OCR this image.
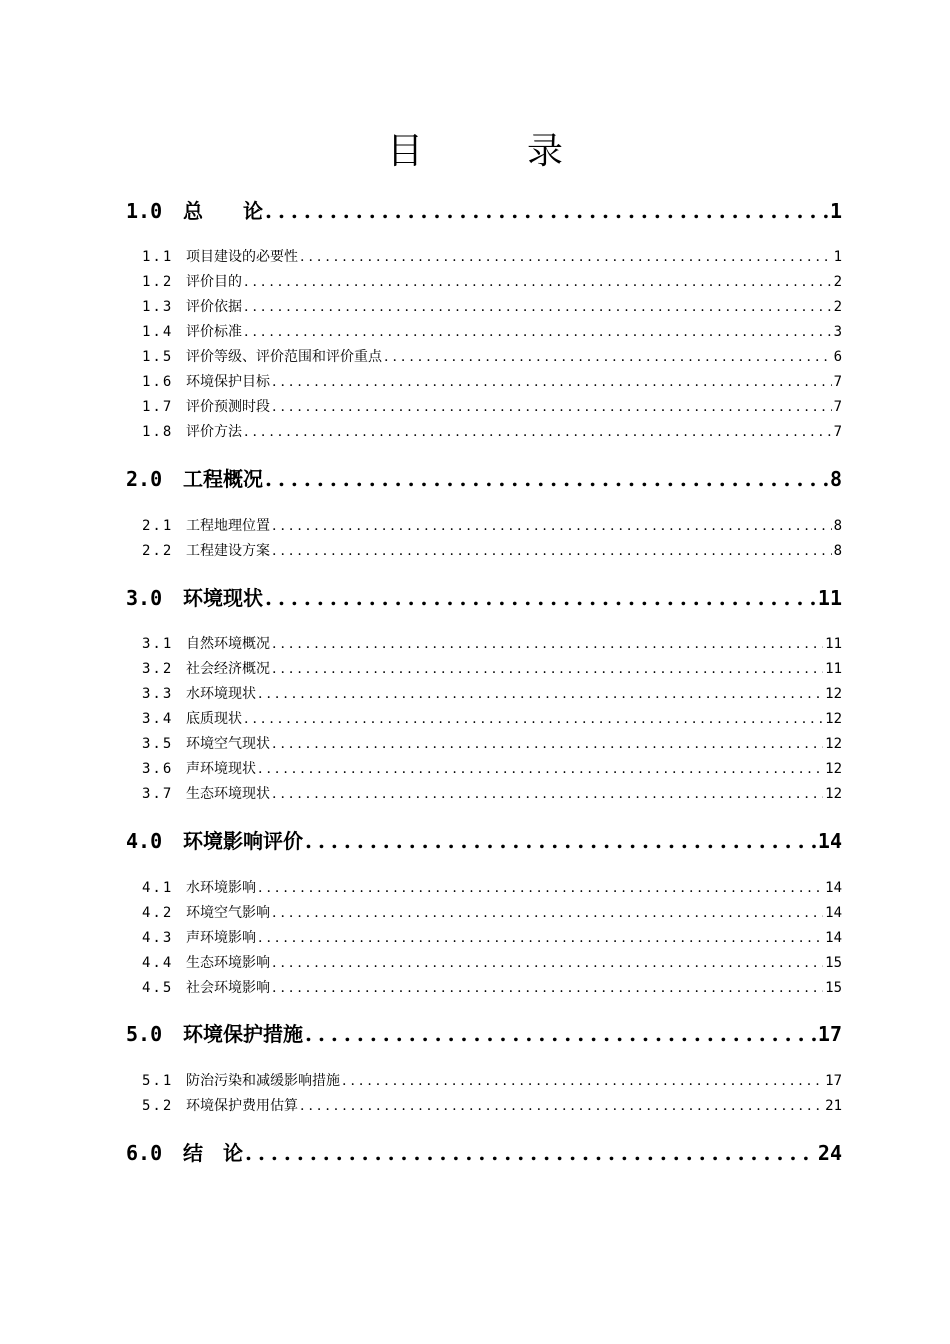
目　录
1.0	总　　论 .....	1
1.1 项目建设的必要性 .....	1
1.2 评价目的 .....	2
1.3 评价依据 .....	2
1.4 评价标准 .....	3
1.5 评价等级、评价范围和评价重点 .....	6
1.6 环境保护目标 .....	7
1.7 评价预测时段 .....	7
1.8 评价方法 .....	7
2.0	工程概况 .....	8
2.1 工程地理位置 .....	8
2.2 工程建设方案 .....	8
3.0	环境现状 .....	11
3.1 自然环境概况 .....	11
3.2 社会经济概况 .....	11
3.3 水环境现状 .....	12
3.4 底质现状 .....	12
3.5 环境空气现状 .....	12
3.6 声环境现状 .....	12
3.7 生态环境现状 .....	12
4.0	环境影响评价 .....	14
4.1 水环境影响 .....	14
4.2 环境空气影响 .....	14
4.3 声环境影响 .....	14
4.4 生态环境影响 .....	15
4.5 社会环境影响 .....	15
5.0	环境保护措施 .....	17
5.1 防治污染和减缓影响措施 .....	17
5.2 环境保护费用估算 .....	21
6.0	结　论 .....	24
